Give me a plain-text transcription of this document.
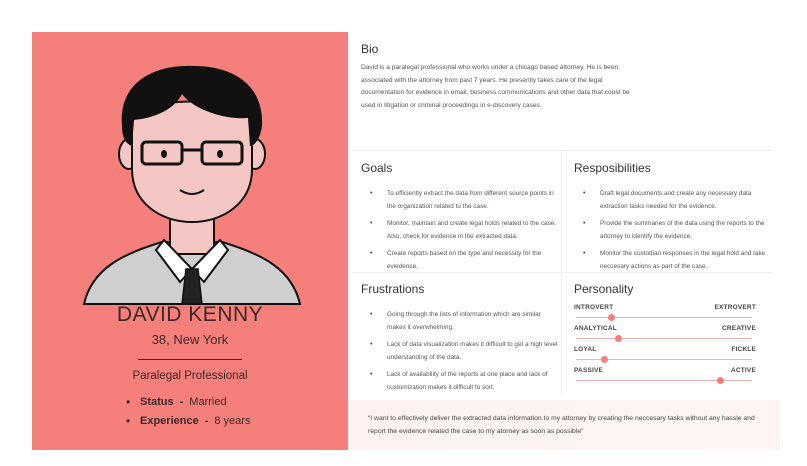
DAVID KENNY
38, New York
Paralegal Professional
• Status - Married
• Experience - 8 years
Bio

David is a paralegal professional who works under a chicago based attorney. He is been associated with the attorney from past 7 years. He presently takes care of the legal documentation for evidence in email, business communications and other data that could be used in litigation or criminal proceedings in e-discovery cases.

Goals
• To efficiently extract the data from different source points in the organization related to the case.
• Monitor, maintain and create legal holds related to the case. Also, check for evidence in the extracted data.
• Create reports based on the type and necessity for the eviedence.
Resposibilities
• Draft legal documents and create any necessary data extraction tasks needed for the evidence.
• Provide the summaries of the data using the reports to the attorney to identify the evidence.
• Monitor the custodian responses in the legal hold and take neccesary actions as part of the case.
Frustrations
• Going through the lists of information which are similar makes it overwhelming.
• Lack of data visualization makes it difficult to get a high level understanding of the data.
• Lack of availability of the reports at one place and lack of customization makes it difficult to sort.
Personality
INTROVERT	EXTROVERT
ANALYTICAL	CREATIVE
LOYAL	FICKLE
PASSIVE	ACTIVE

“I want to effectively deliver the extracted data information to my attorney by creating the neccesary tasks without any hassle and report the evidence related the case to my atorney as soon as possible”
